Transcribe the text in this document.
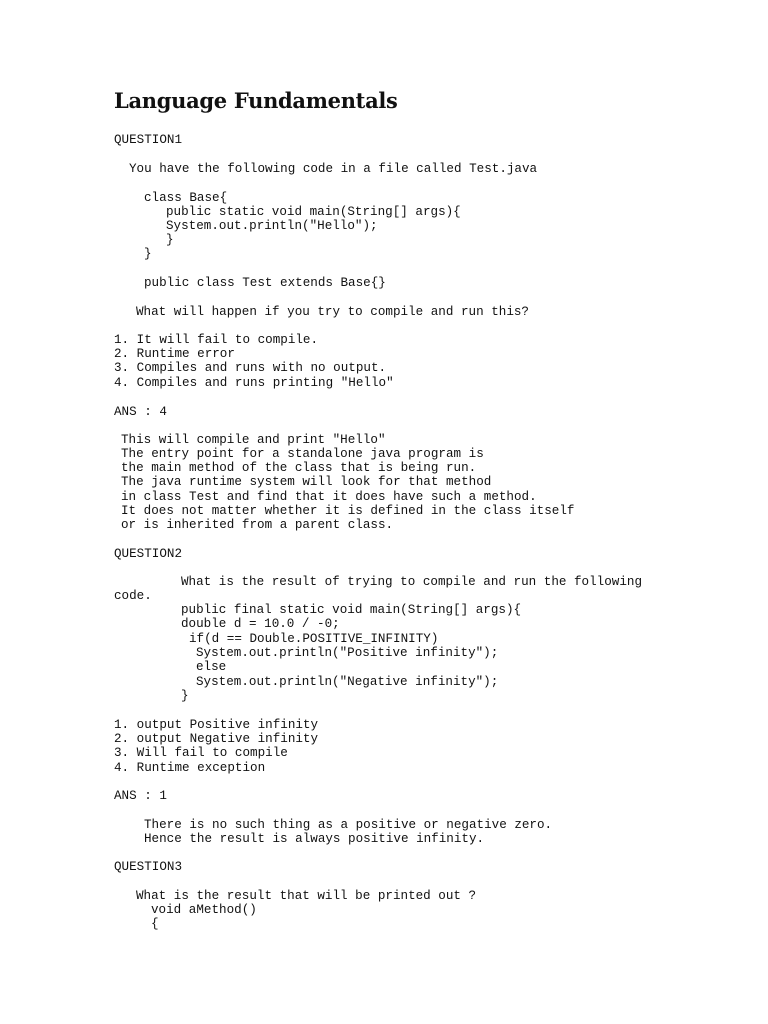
Language Fundamentals
QUESTION1
You have the following code in a file called Test.java
class Base{
public static void main(String[] args){
System.out.println("Hello");
}
}
public class Test extends Base{}
What will happen if you try to compile and run this?
1. It will fail to compile.
2. Runtime error
3. Compiles and runs with no output.
4. Compiles and runs printing "Hello"
ANS : 4
This will compile and print "Hello"
The entry point for a standalone java program is
the main method of the class that is being run.
The java runtime system will look for that method
in class Test and find that it does have such a method.
It does not matter whether it is defined in the class itself
or is inherited from a parent class.
QUESTION2
What is the result of trying to compile and run the following
code.
public final static void main(String[] args){
double d = 10.0 / -0;
if(d == Double.POSITIVE_INFINITY)
System.out.println("Positive infinity");
else
System.out.println("Negative infinity");
}
1. output Positive infinity
2. output Negative infinity
3. Will fail to compile
4. Runtime exception
ANS : 1
There is no such thing as a positive or negative zero.
Hence the result is always positive infinity.
QUESTION3
What is the result that will be printed out ?
void aMethod()
{
